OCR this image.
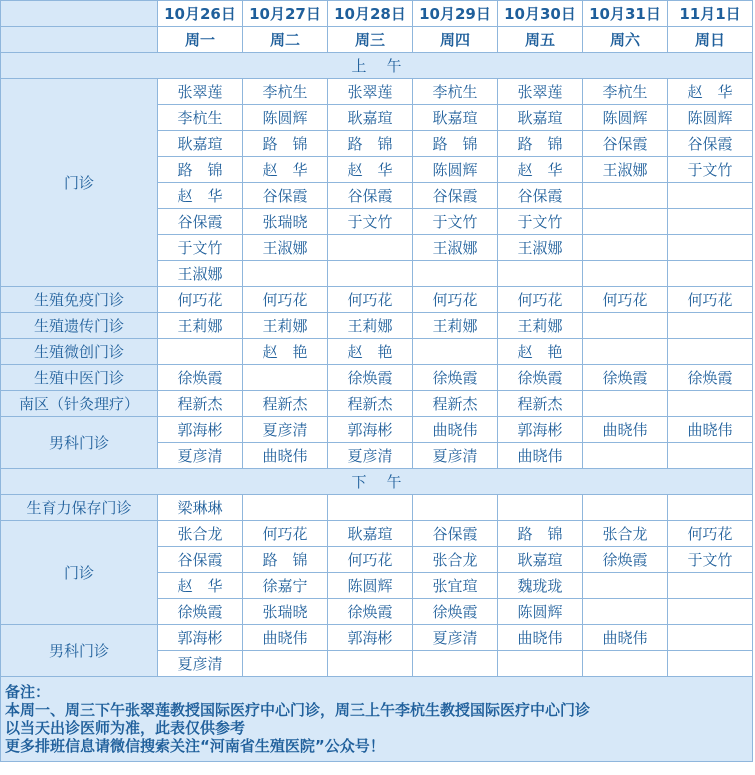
	10月26日	10月27日	10月28日	10月29日	10月30日	10月31日	11月1日
	周一	周二	周三	周四	周五	周六	周日
上午							
门诊	张翠莲	李杭生	张翠莲	李杭生	张翠莲	李杭生	赵　华
	李杭生	陈圆辉	耿嘉瑄	耿嘉瑄	耿嘉瑄	陈圆辉	陈圆辉
	耿嘉瑄	路　锦	路　锦	路　锦	路　锦	谷保霞	谷保霞
	路　锦	赵　华	赵　华	陈圆辉	赵　华	王淑娜	于文竹
	赵　华	谷保霞	谷保霞	谷保霞	谷保霞		
	谷保霞	张瑞晓	于文竹	于文竹	于文竹		
	于文竹	王淑娜		王淑娜	王淑娜		
	王淑娜						
生殖免疫门诊	何巧花	何巧花	何巧花	何巧花	何巧花	何巧花	何巧花
生殖遗传门诊	王莉娜	王莉娜	王莉娜	王莉娜	王莉娜		
生殖微创门诊		赵　艳	赵　艳		赵　艳		
生殖中医门诊	徐焕霞		徐焕霞	徐焕霞	徐焕霞	徐焕霞	徐焕霞
南区（针灸理疗）	程新杰	程新杰	程新杰	程新杰	程新杰		
男科门诊	郭海彬	夏彦清	郭海彬	曲晓伟	郭海彬	曲晓伟	曲晓伟
	夏彦清	曲晓伟	夏彦清	夏彦清	曲晓伟		
下午							
生育力保存门诊	梁琳琳						
门诊	张合龙	何巧花	耿嘉瑄	谷保霞	路　锦	张合龙	何巧花
	谷保霞	路　锦	何巧花	张合龙	耿嘉瑄	徐焕霞	于文竹
	赵　华	徐嘉宁	陈圆辉	张宜瑄	魏珑珑		
	徐焕霞	张瑞晓	徐焕霞	徐焕霞	陈圆辉		
男科门诊	郭海彬	曲晓伟	郭海彬	夏彦清	曲晓伟	曲晓伟	
	夏彦清						

备注：
本周一、周三下午张翠莲教授国际医疗中心门诊，周三上午李杭生教授国际医疗中心门诊
以当天出诊医师为准，此表仅供参考
更多排班信息请微信搜索关注“河南省生殖医院”公众号！							
